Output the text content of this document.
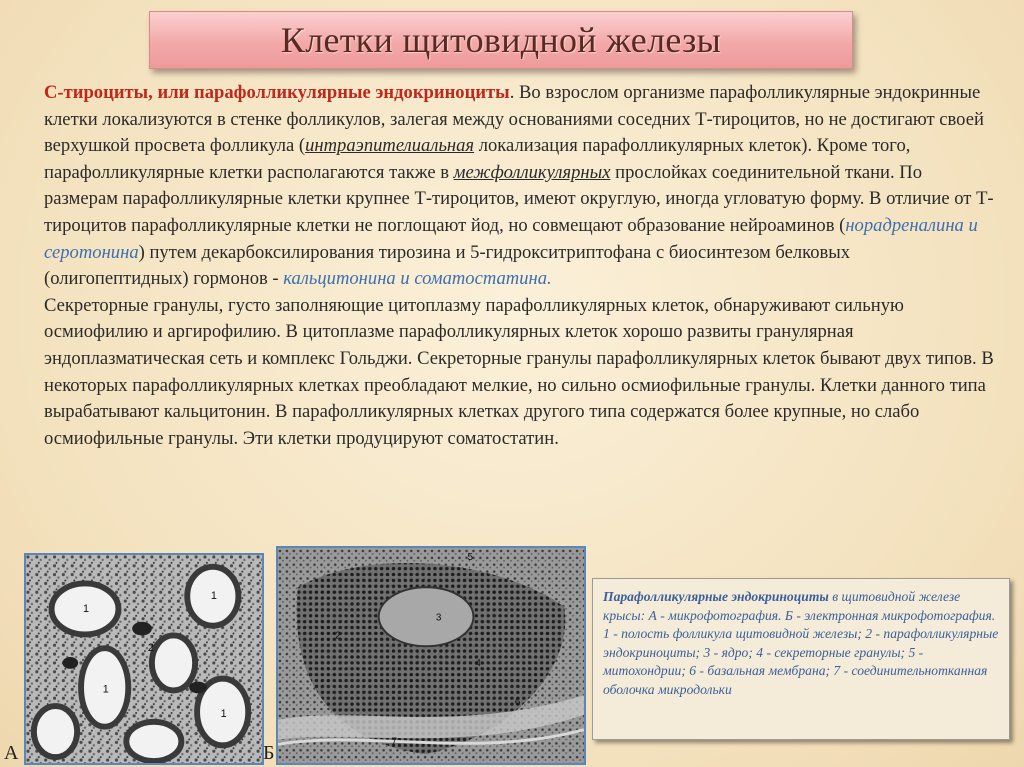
Клетки щитовидной железы

С-тироциты, или парафолликулярные эндокриноциты. Во взрослом организме парафолликулярные эндокринные клетки локализуются в стенке фолликулов, залегая между основаниями соседних Т-тироцитов, но не достигают своей верхушкой просвета фолликула (интраэпителиальная локализация парафолликулярных клеток). Кроме того, парафолликулярные клетки располагаются также в межфолликулярных прослойках соединительной ткани. По размерам парафолликулярные клетки крупнее Т-тироцитов, имеют округлую, иногда угловатую форму. В отличие от Т-тироцитов парафолликулярные клетки не поглощают йод, но совмещают образование нейроаминов (норадреналина и серотонина) путем декарбоксилирования тирозина и 5-гидрокситриптофана с биосинтезом белковых (олигопептидных) гормонов - кальцитонина и соматостатина.

Секреторные гранулы, густо заполняющие цитоплазму парафолликулярных клеток, обнаруживают сильную осмиофилию и аргирофилию. В цитоплазме парафолликулярных клеток хорошо развиты гранулярная эндоплазматическая сеть и комплекс Гольджи. Секреторные гранулы парафолликулярных клеток бывают двух типов. В некоторых парафолликулярных клетках преобладают мелкие, но сильно осмиофильные гранулы. Клетки данного типа вырабатывают кальцитонин. В парафолликулярных клетках другого типа содержатся более крупные, но слабо осмиофильные гранулы. Эти клетки продуцируют соматостатин.

1
1
1
2
1
5
3
2
4
6
7
А	Б
Парафолликулярные эндокриноциты в щитовидной железе крысы: А - микрофотография. Б - электронная микрофотография. 1 - полость фолликула щитовидной железы; 2 - парафолликулярные эндокриноциты; 3 - ядро; 4 - секреторные гранулы; 5 - митохондрии; 6 - базальная мембрана; 7 - соединительнотканная оболочка микродольки
